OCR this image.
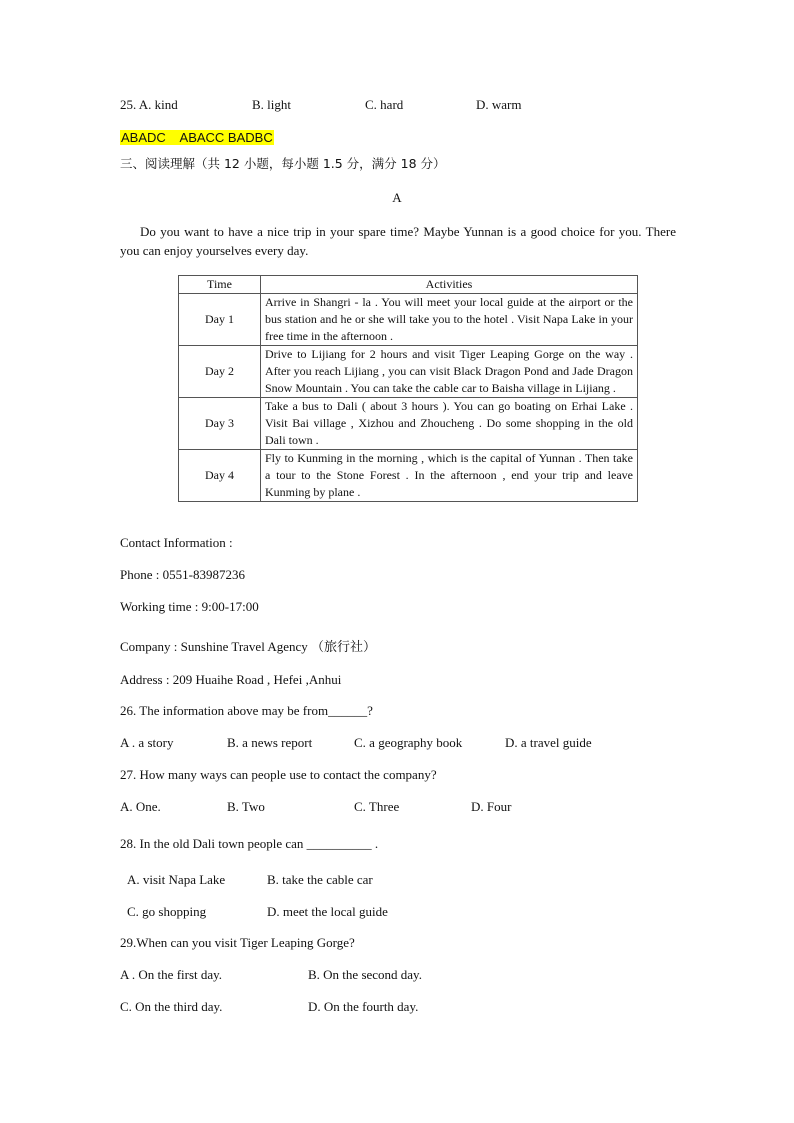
25. A. kind	B. light	C. hard	D. warm
ABADC    ABACC BADBC
三、阅读理解（共 12 小题，每小题 1.5 分，满分 18 分）
A
Do you want to have a nice trip in your spare time? Maybe Yunnan is a good choice for you. There you can enjoy yourselves every day.
Time	Activities
Day 1	Arrive in Shangri - la . You will meet your local guide at the airport or the bus station and he or she will take you to the hotel . Visit Napa Lake in your free time in the afternoon .
Day 2	Drive to Lijiang for 2 hours and visit Tiger Leaping Gorge on the way . After you reach Lijiang , you can visit Black Dragon Pond and Jade Dragon Snow Mountain . You can take the cable car to Baisha village in Lijiang .
Day 3	Take a bus to Dali ( about 3 hours ). You can go boating on Erhai Lake . Visit Bai village , Xizhou and Zhoucheng . Do some shopping in the old Dali town .
Day 4	Fly to Kunming in the morning , which is the capital of Yunnan . Then take a tour to the Stone Forest . In the afternoon , end your trip and leave Kunming by plane .
Contact Information :
Phone : 0551-83987236
Working time : 9:00-17:00
Company : Sunshine Travel Agency （旅行社）
Address : 209 Huaihe Road , Hefei ,Anhui
26. The information above may be from______?
A . a story	B. a news report	C. a geography book	D. a travel guide
27. How many ways can people use to contact the company?
A. One.	B. Two	C. Three	D. Four
28. In the old Dali town people can __________ .
A. visit Napa Lake	B. take the cable car
C. go shopping	D. meet the local guide
29.When can you visit Tiger Leaping Gorge?
A . On the first day.	B. On the second day.
C. On the third day.	D. On the fourth day.
